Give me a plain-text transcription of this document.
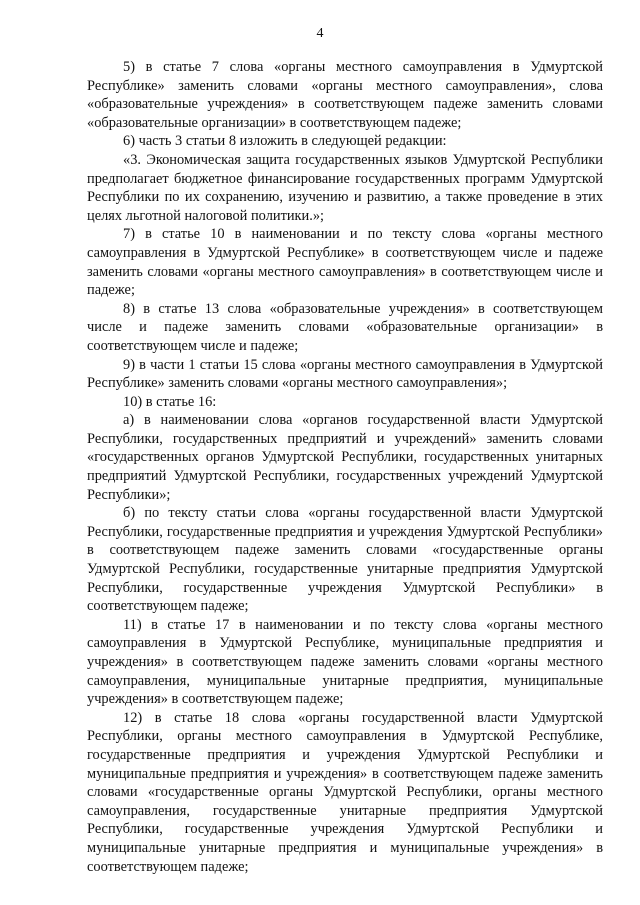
4

5) в статье 7 слова «органы местного самоуправления в Удмуртской Республике» заменить словами «органы местного самоуправления», слова «образовательные учреждения» в соответствующем падеже заменить словами «образовательные организации» в соответствующем падеже;

6) часть 3 статьи 8 изложить в следующей редакции:

«3. Экономическая защита государственных языков Удмуртской Республики предполагает бюджетное финансирование государственных программ Удмуртской Республики по их сохранению, изучению и развитию, а также проведение в этих целях льготной налоговой политики.»;

7) в статье 10 в наименовании и по тексту слова «органы местного самоуправления в Удмуртской Республике» в соответствующем числе и падеже заменить словами «органы местного самоуправления» в соответствующем числе и падеже;

8) в статье 13 слова «образовательные учреждения» в соответствующем числе и падеже заменить словами «образовательные организации» в соответствующем числе и падеже;

9) в части 1 статьи 15 слова «органы местного самоуправления в Удмуртской Республике» заменить словами «органы местного самоуправления»;

10) в статье 16:

а) в наименовании слова «органов государственной власти Удмуртской Республики, государственных предприятий и учреждений» заменить словами «государственных органов Удмуртской Республики, государственных унитарных предприятий Удмуртской Республики, государственных учреждений Удмуртской Республики»;

б) по тексту статьи слова «органы государственной власти Удмуртской Республики, государственные предприятия и учреждения Удмуртской Республики» в соответствующем падеже заменить словами «государственные органы Удмуртской Республики, государственные унитарные предприятия Удмуртской Республики, государственные учреждения Удмуртской Республики» в соответствующем падеже;

11) в статье 17 в наименовании и по тексту слова «органы местного самоуправления в Удмуртской Республике, муниципальные предприятия и учреждения» в соответствующем падеже заменить словами «органы местного самоуправления, муниципальные унитарные предприятия, муниципальные учреждения» в соответствующем падеже;

12) в статье 18 слова «органы государственной власти Удмуртской Республики, органы местного самоуправления в Удмуртской Республике, государственные предприятия и учреждения Удмуртской Республики и муниципальные предприятия и учреждения» в соответствующем падеже заменить словами «государственные органы Удмуртской Республики, органы местного самоуправления, государственные унитарные предприятия Удмуртской Республики, государственные учреждения Удмуртской Республики и муниципальные унитарные предприятия и муниципальные учреждения» в соответствующем падеже;
